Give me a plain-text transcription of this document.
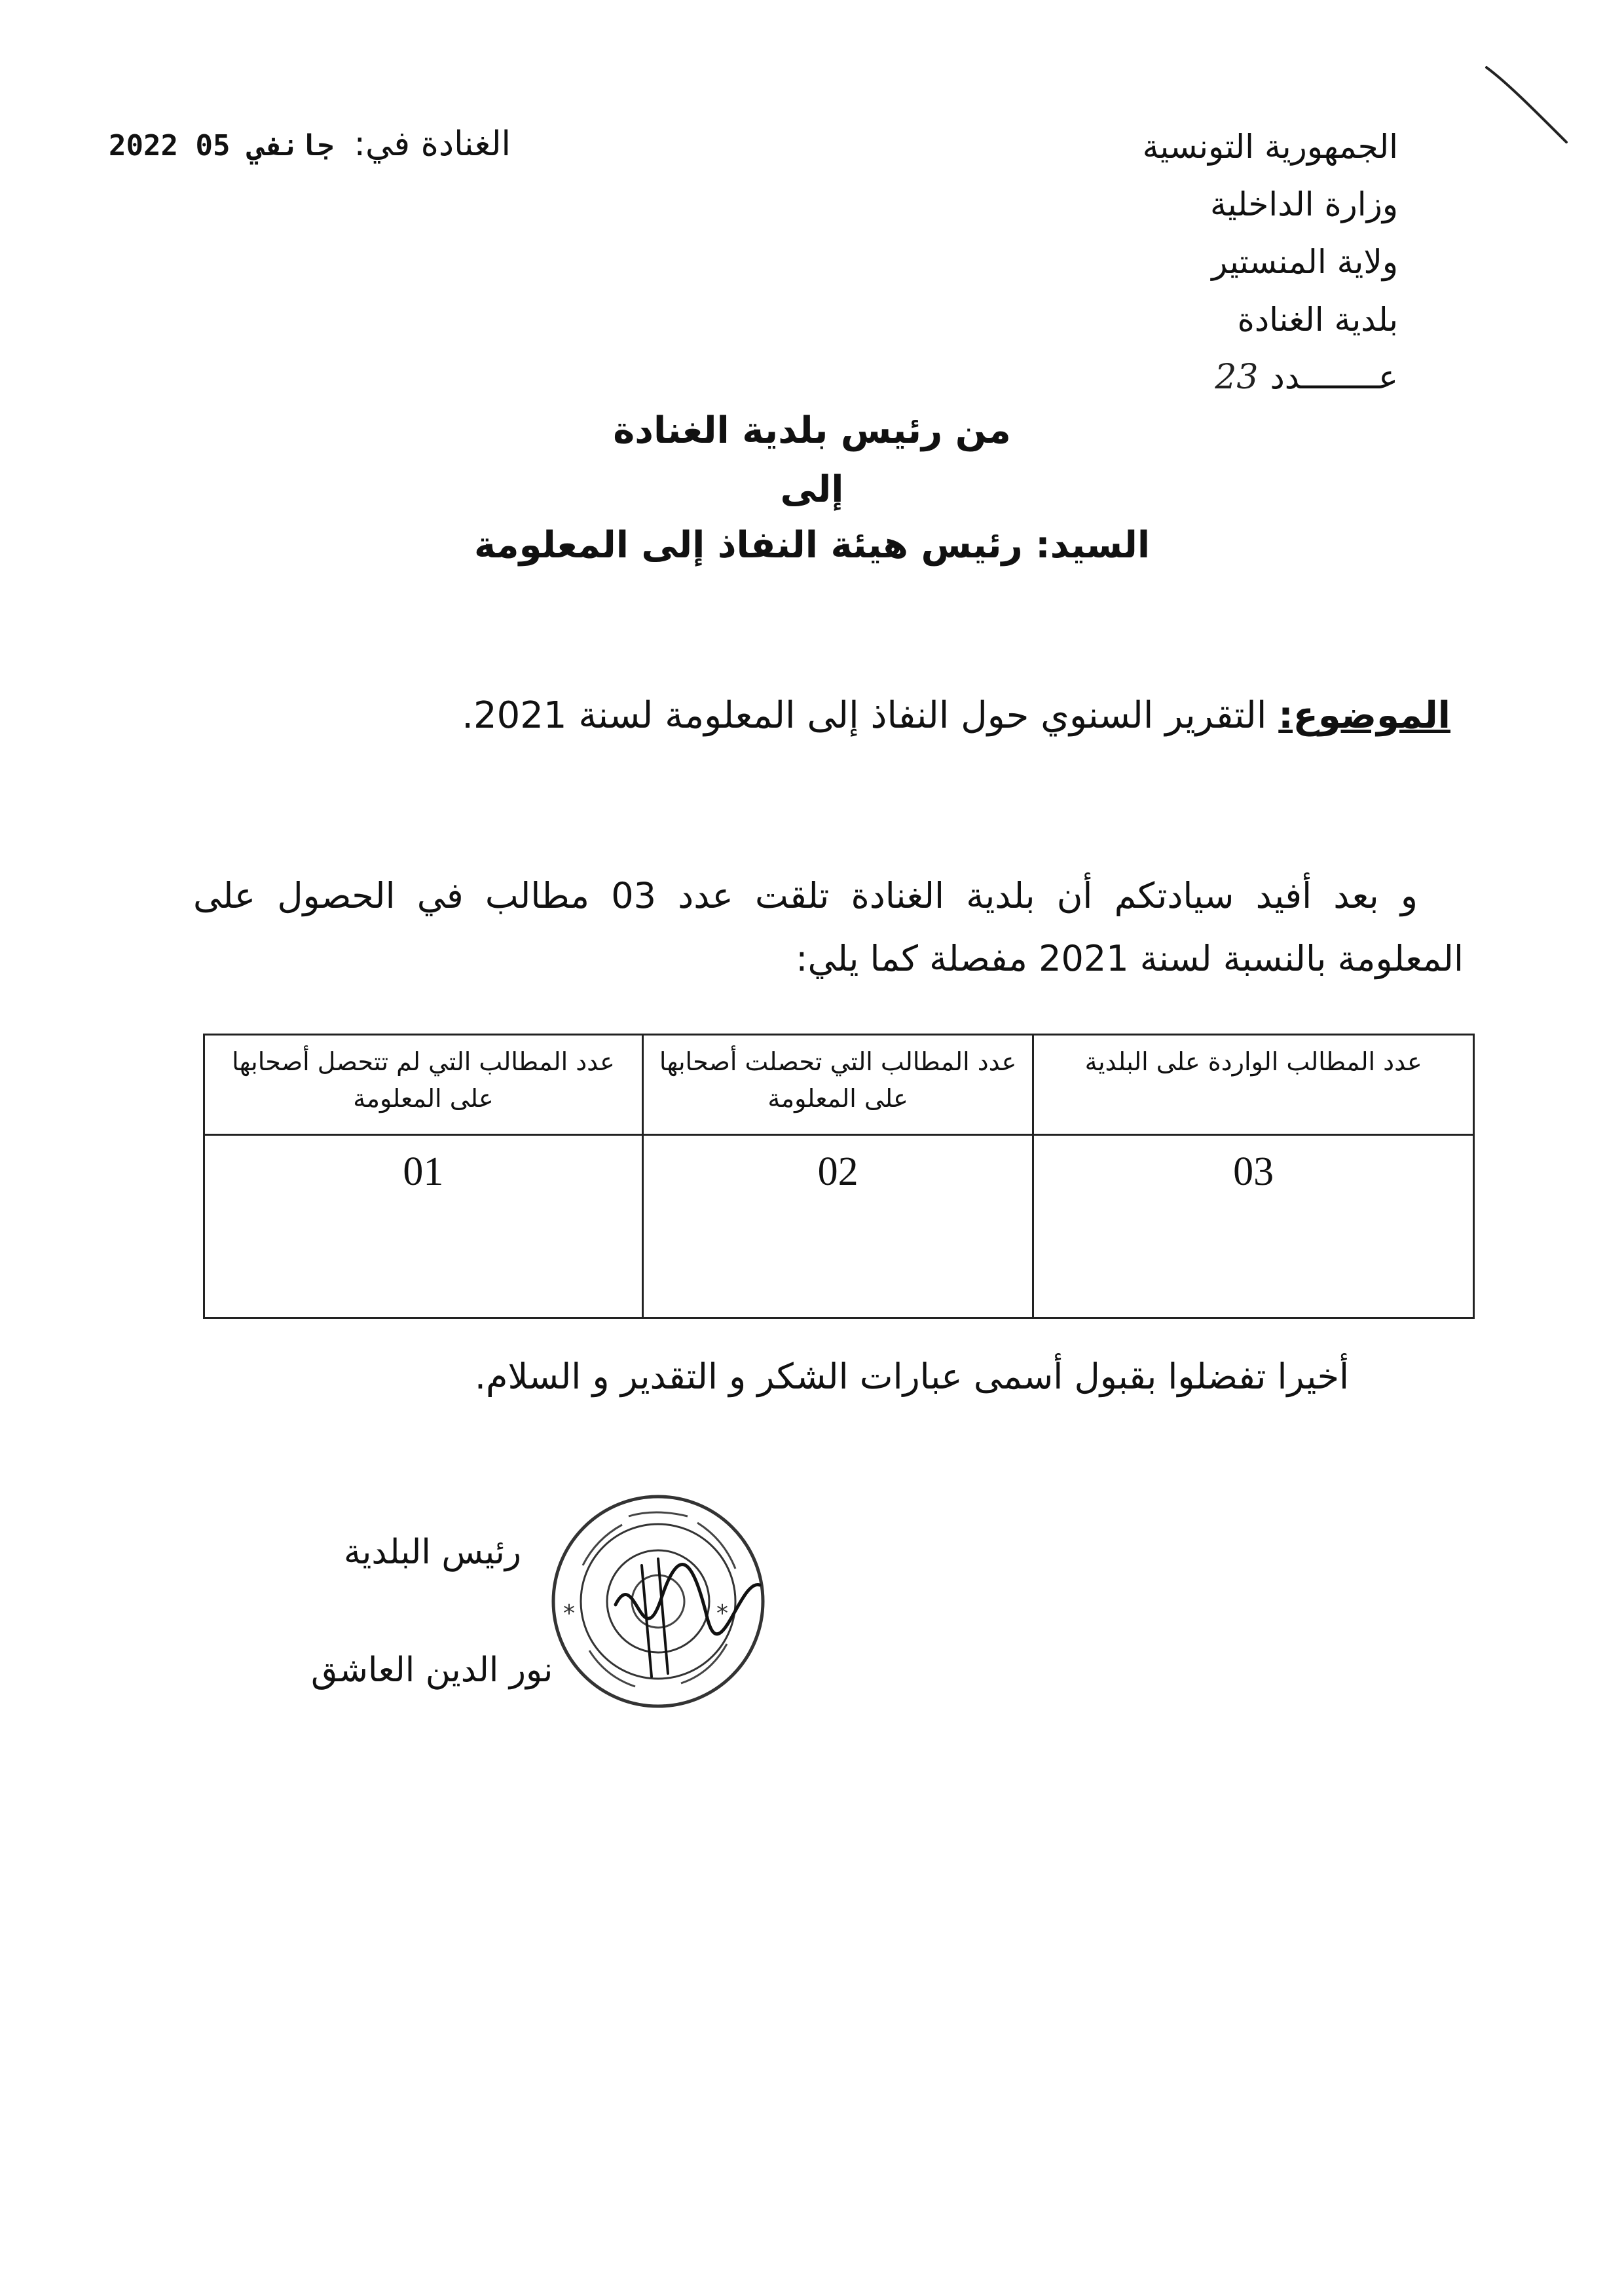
الجمهورية التونسية
وزارة الداخلية
ولاية المنستير
بلدية الغنادة
عــــــــدد
23
الغنادة في:
2022 جانفي 05
من رئيس بلدية الغنادة
إلى
السيد: رئيس هيئة النفاذ إلى المعلومة
الموضوع: التقرير السنوي حول النفاذ إلى المعلومة لسنة 2021.
و بعد أفيد سيادتكم أن بلدية الغنادة تلقت عدد 03 مطالب في الحصول على المعلومة بالنسبة لسنة 2021 مفصلة كما يلي:
عدد المطالب الواردة على البلدية	عدد المطالب التي تحصلت أصحابها على المعلومة	عدد المطالب التي لم تتحصل أصحابها على المعلومة
03	02	01
أخيرا تفضلوا بقبول أسمى عبارات الشكر و التقدير و السلام.
رئيس البلدية
نور الدين العاشق
*	*
